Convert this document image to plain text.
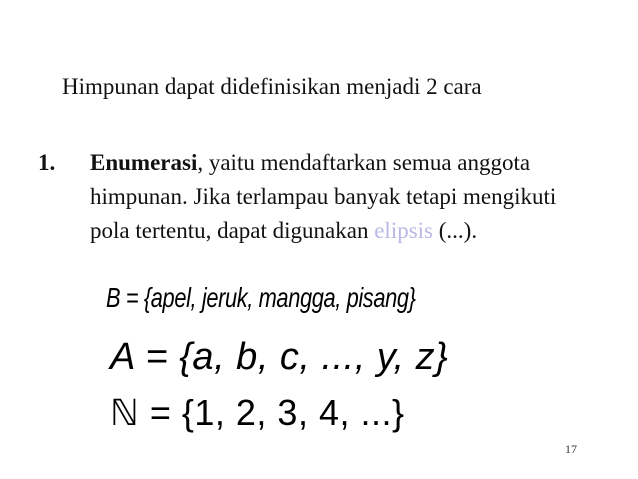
Himpunan dapat didefinisikan menjadi 2 cara
1. Enumerasi, yaitu mendaftarkan semua anggota himpunan. Jika terlampau banyak tetapi mengikuti pola tertentu, dapat digunakan elipsis (...).
B = {apel, jeruk, mangga, pisang}
A = {a, b, c, ..., y, z}
ℕ = {1, 2, 3, 4, ...}
17
